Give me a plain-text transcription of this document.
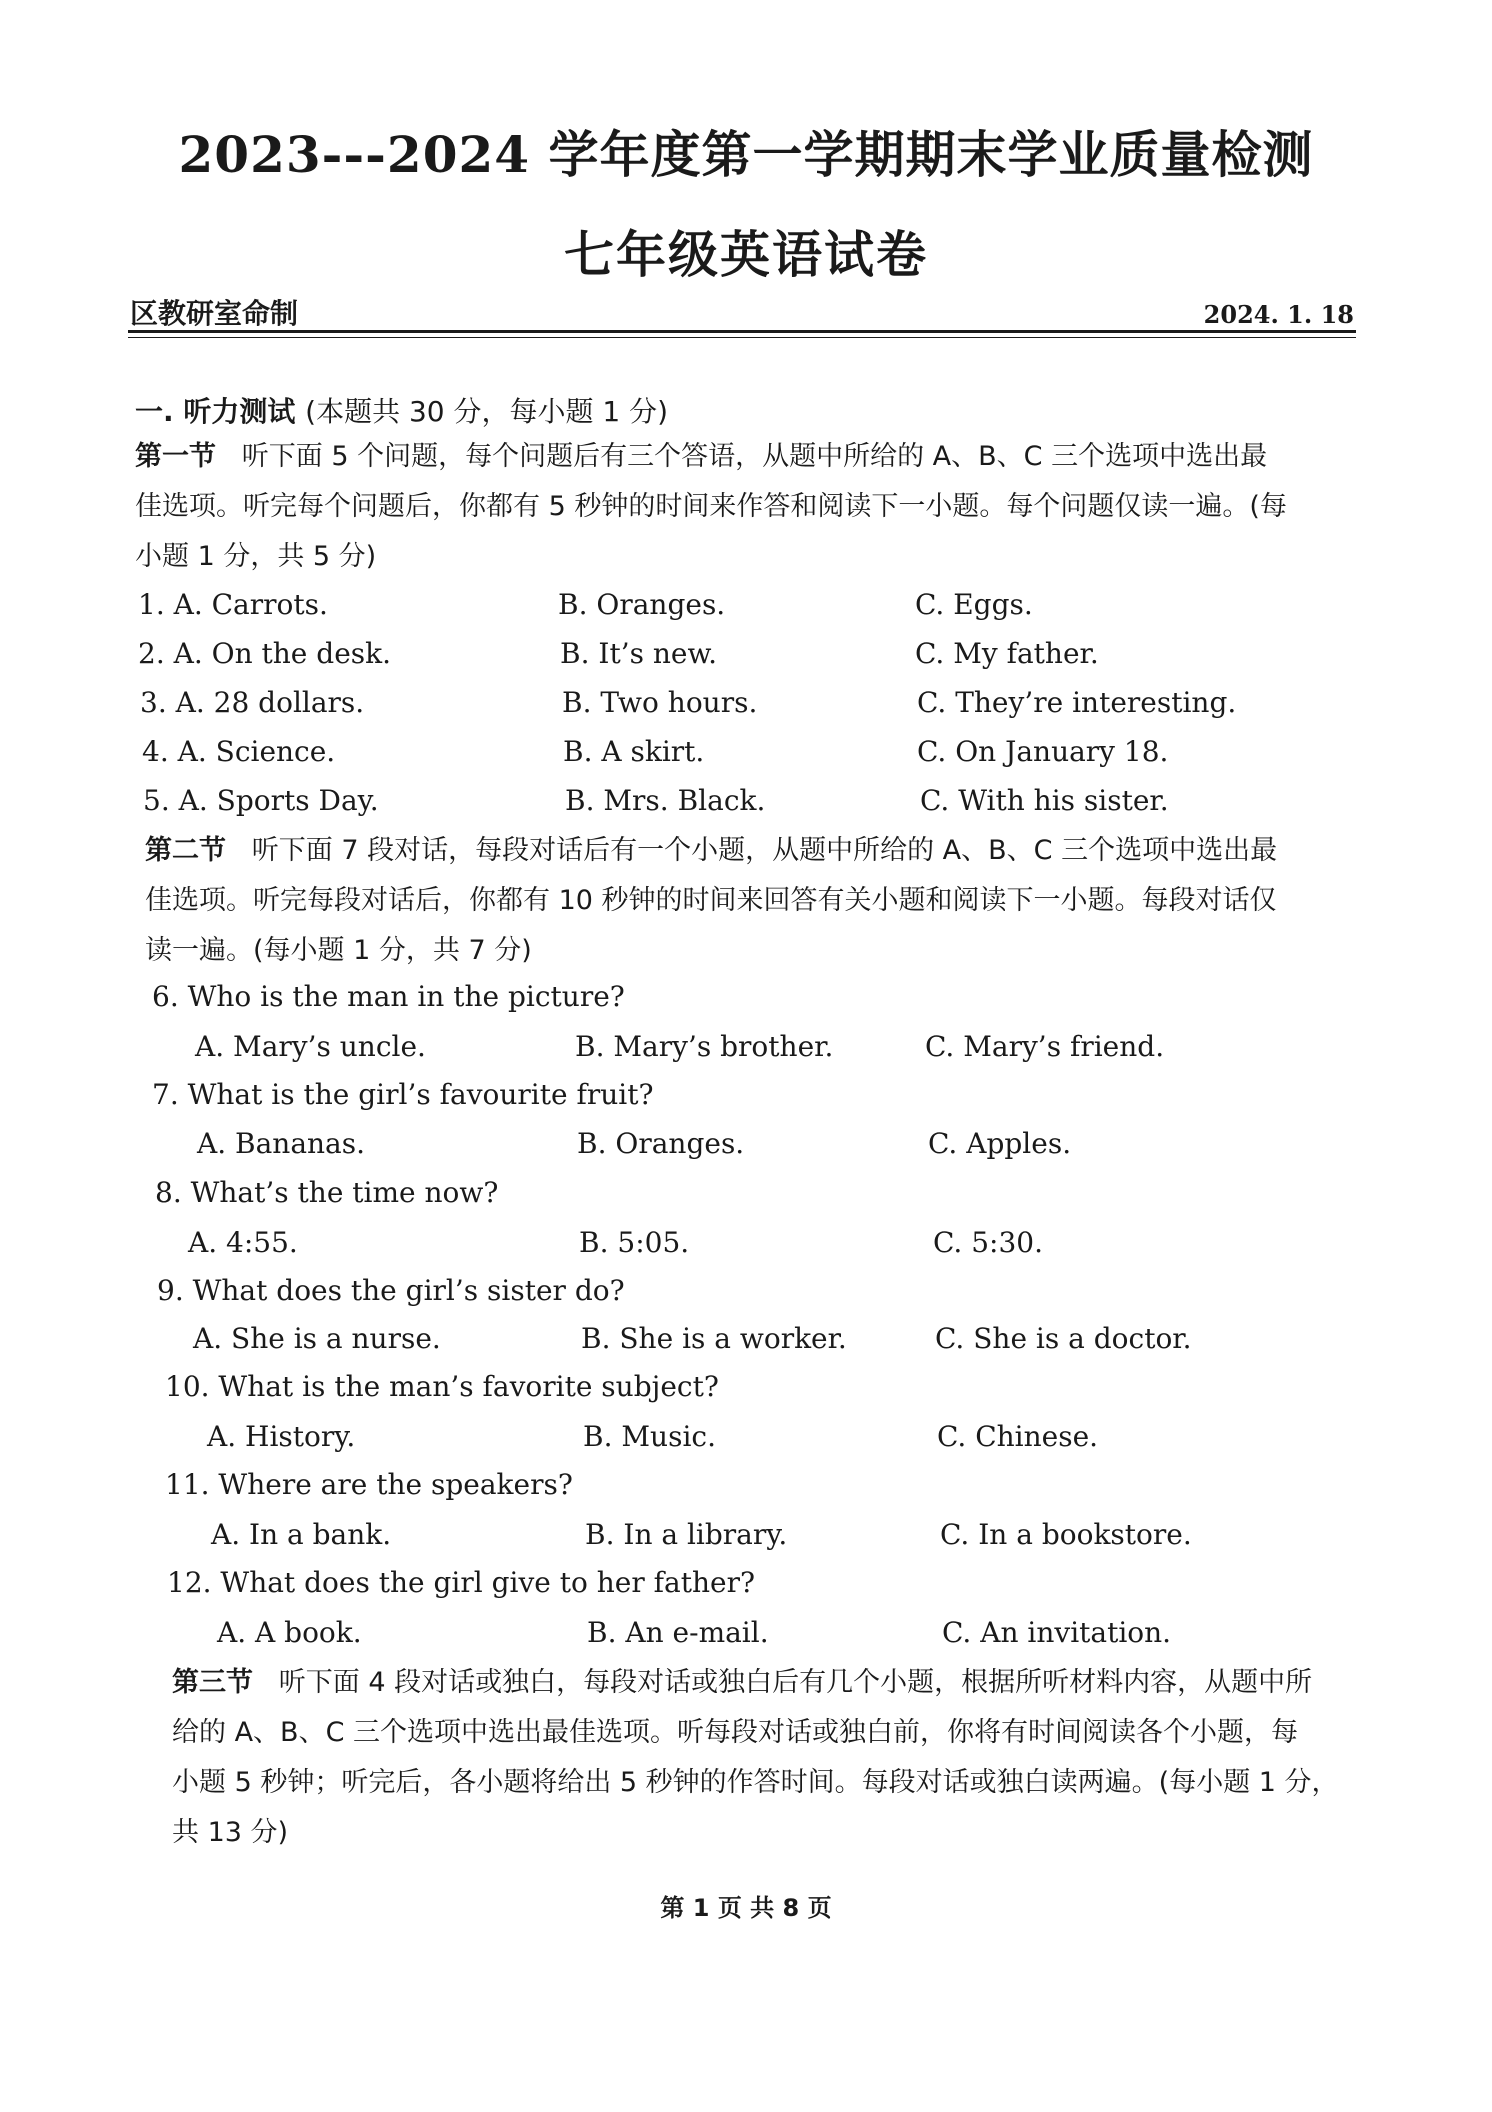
2023---2024 学年度第一学期期末学业质量检测
七年级英语试卷
区教研室命制	2024. 1. 18
一. 听力测试 (本题共 30 分，每小题 1 分)
第一节 听下面 5 个问题，每个问题后有三个答语，从题中所给的 A、B、C 三个选项中选出最
佳选项。听完每个问题后，你都有 5 秒钟的时间来作答和阅读下一小题。每个问题仅读一遍。(每
小题 1 分，共 5 分)
1. A. Carrots.	B. Oranges.	C. Eggs.
2. A. On the desk.	B. It’s new.	C. My father.
3. A. 28 dollars.	B. Two hours.	C. They’re interesting.
4. A. Science.	B. A skirt.	C. On January 18.
5. A. Sports Day.	B. Mrs. Black.	C. With his sister.
第二节 听下面 7 段对话，每段对话后有一个小题，从题中所给的 A、B、C 三个选项中选出最
佳选项。听完每段对话后，你都有 10 秒钟的时间来回答有关小题和阅读下一小题。每段对话仅
读一遍。(每小题 1 分，共 7 分)
6. Who is the man in the picture?
A. Mary’s uncle.	B. Mary’s brother.	C. Mary’s friend.
7. What is the girl’s favourite fruit?
A. Bananas.	B. Oranges.	C. Apples.
8. What’s the time now?
A. 4:55.	B. 5:05.	C. 5:30.
9. What does the girl’s sister do?
A. She is a nurse.	B. She is a worker.	C. She is a doctor.
10. What is the man’s favorite subject?
A. History.	B. Music.	C. Chinese.
11. Where are the speakers?
A. In a bank.	B. In a library.	C. In a bookstore.
12. What does the girl give to her father?
A. A book.	B. An e-mail.	C. An invitation.
第三节 听下面 4 段对话或独白，每段对话或独白后有几个小题，根据所听材料内容，从题中所
给的 A、B、C 三个选项中选出最佳选项。听每段对话或独白前，你将有时间阅读各个小题，每
小题 5 秒钟；听完后，各小题将给出 5 秒钟的作答时间。每段对话或独白读两遍。(每小题 1 分，
共 13 分)
第 1 页 共 8 页
